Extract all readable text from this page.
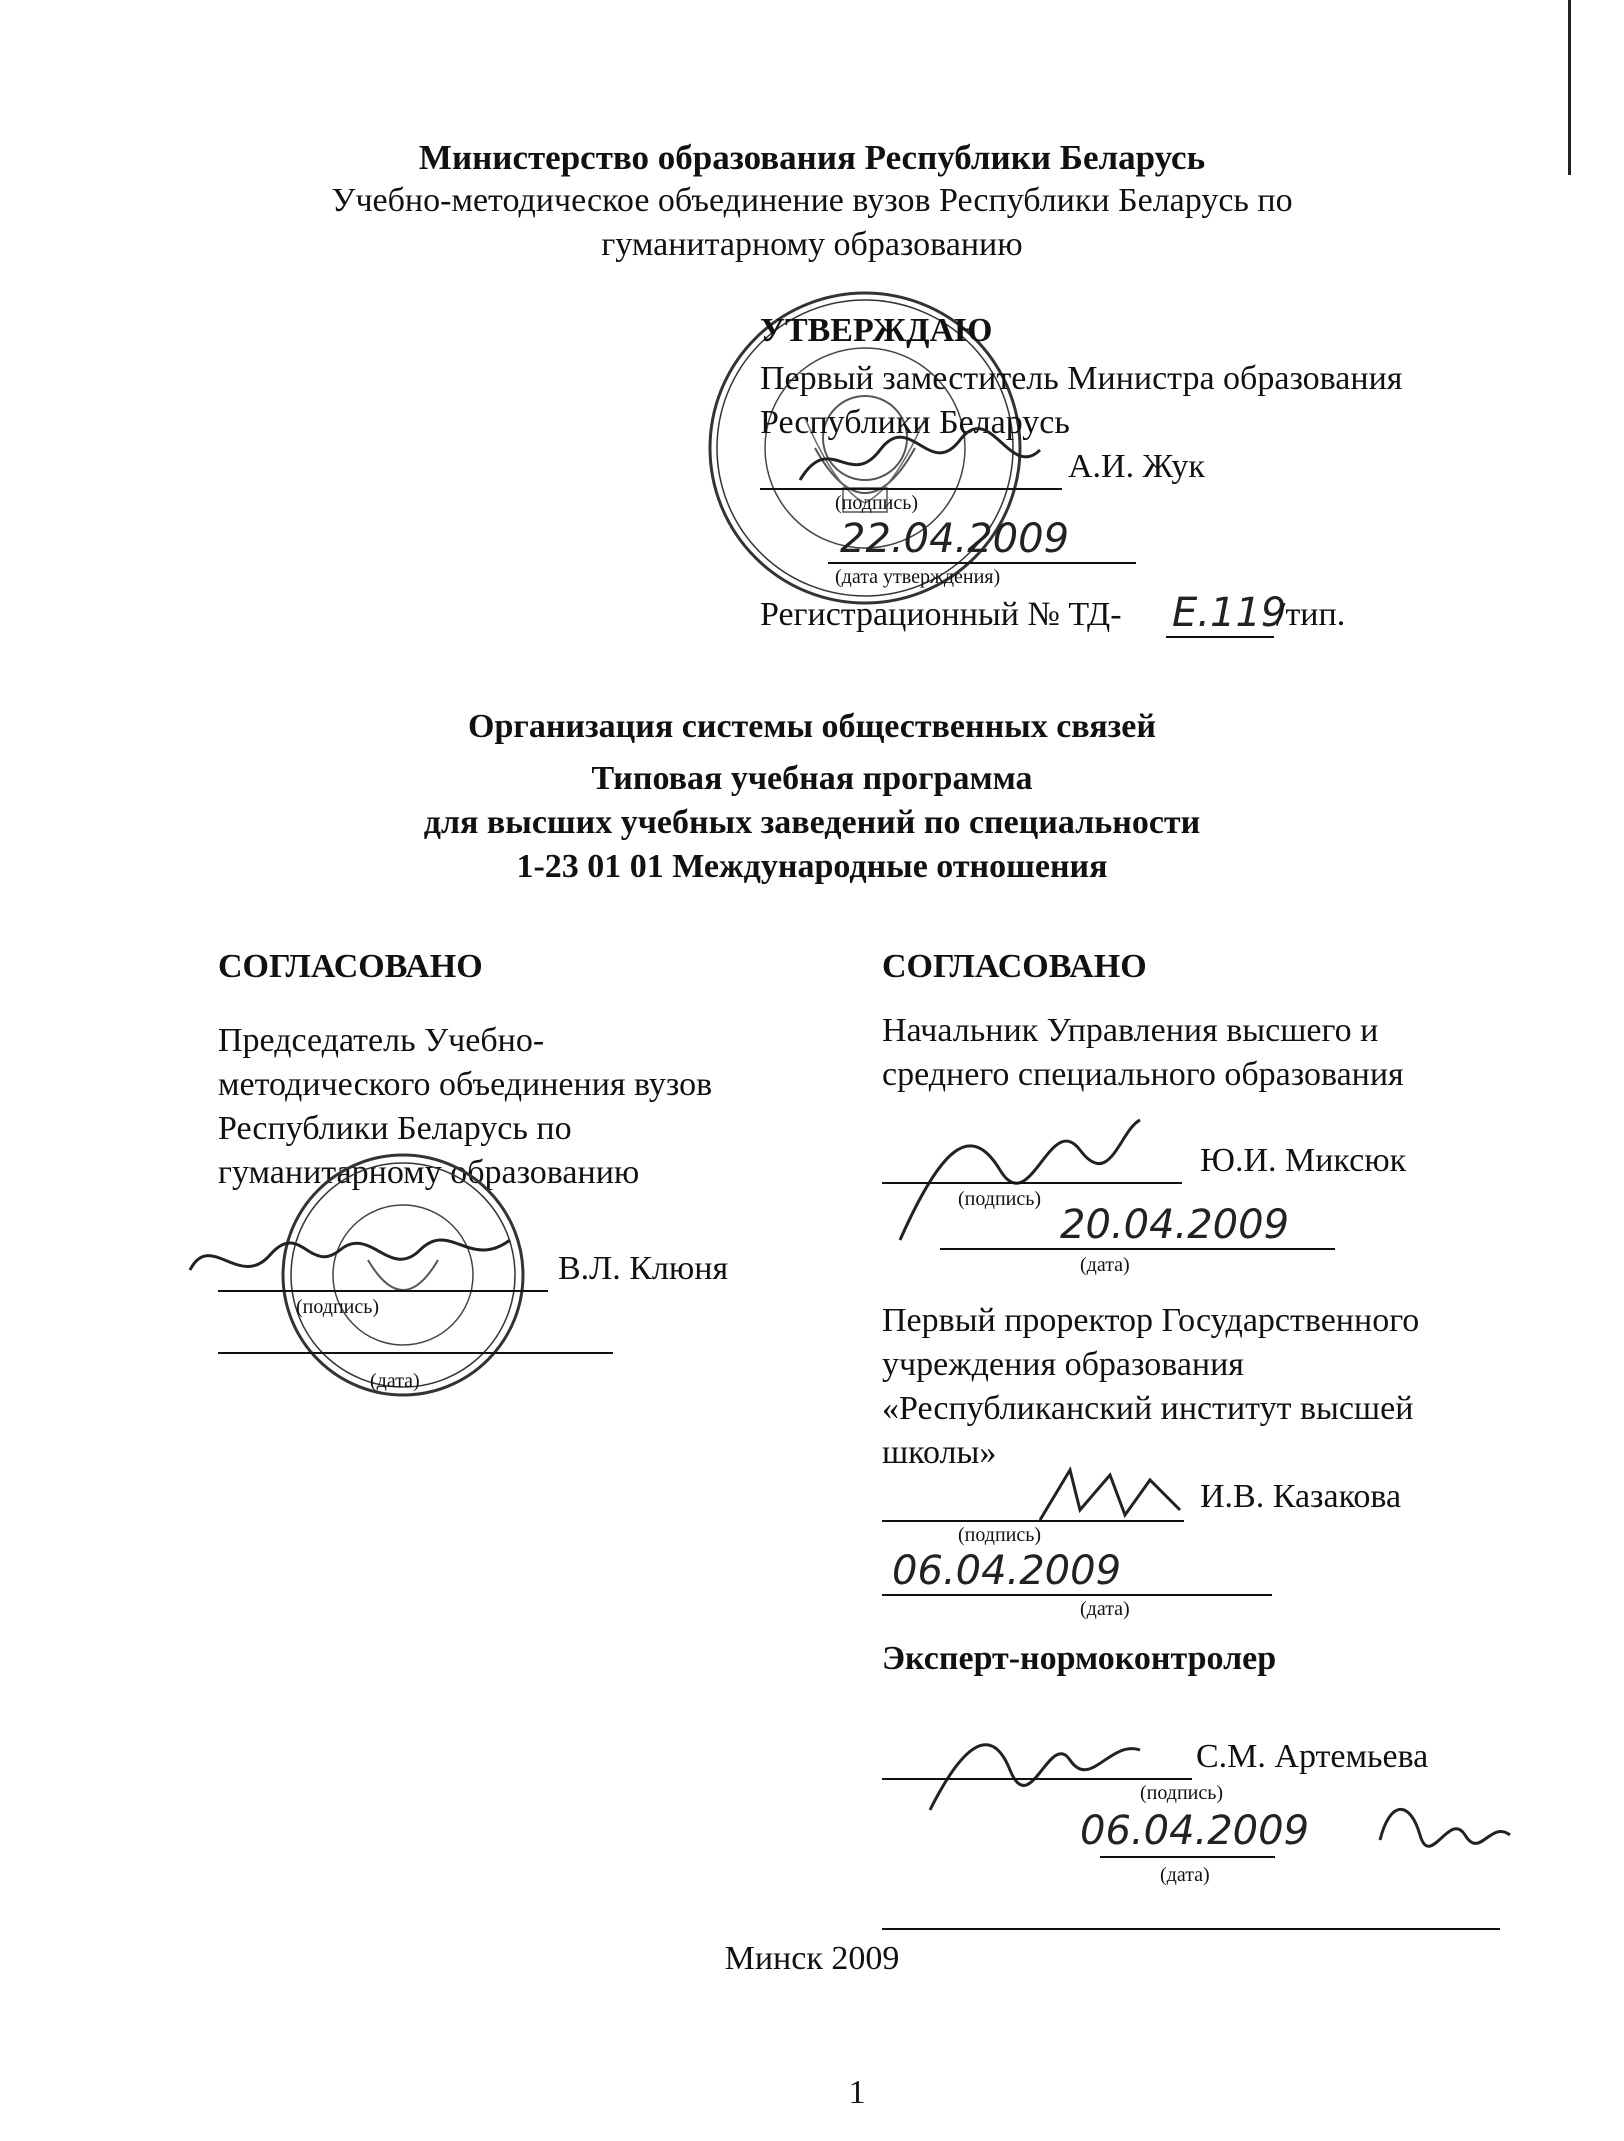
Министерство образования Республики Беларусь
Учебно-методическое объединение вузов Республики Беларусь по
гуманитарному образованию
УТВЕРЖДАЮ
Первый заместитель Министра образования
Республики Беларусь
А.И. Жук
(подпись)
22.04.2009
(дата утверждения)
Регистрационный № ТД- Е.119
/тип.
Организация системы общественных связей
Типовая учебная программа
для высших учебных заведений по специальности
1-23 01 01 Международные отношения
СОГЛАСОВАНО
Председатель Учебно-
методического объединения вузов
Республики Беларусь по
гуманитарному образованию
В.Л. Клюня
(подпись)
(дата)
СОГЛАСОВАНО
Начальник Управления высшего и
среднего специального образования
Ю.И. Миксюк
(подпись)
20.04.2009
(дата)
Первый проректор Государственного
учреждения образования
«Республиканский институт высшей
школы»
И.В. Казакова
(подпись)
06.04.2009
(дата)
Эксперт-нормоконтролер
С.М. Артемьева
(подпись)
06.04.2009
(дата)
Минск 2009
1
